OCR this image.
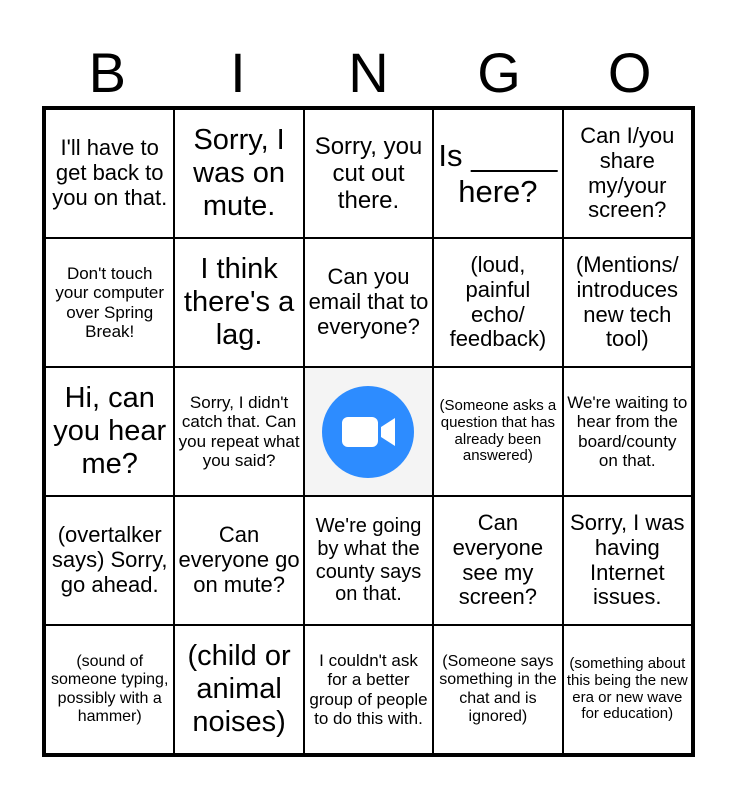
B	I	N	G	O
I'll have to get back to you on that.
Sorry, I was on mute.
Sorry, you cut out there.
Is _____ here?
Can I/you share my/your screen?
Don't touch your computer over Spring Break!
I think there's a lag.
Can you email that to everyone?
(loud, painful echo/ feedback)
(Mentions/ introduces new tech tool)
Hi, can you hear me?
Sorry, I didn't catch that. Can you repeat what you said?
(Someone asks a question that has already been answered)
We're waiting to hear from the board/county on that.
(overtalker says) Sorry, go ahead.
Can everyone go on mute?
We're going by what the county says on that.
Can everyone see my screen?
Sorry, I was having Internet issues.
(sound of someone typing, possibly with a hammer)
(child or animal noises)
I couldn't ask for a better group of people to do this with.
(Someone says something in the chat and is ignored)
(something about this being the new era or new wave for education)
